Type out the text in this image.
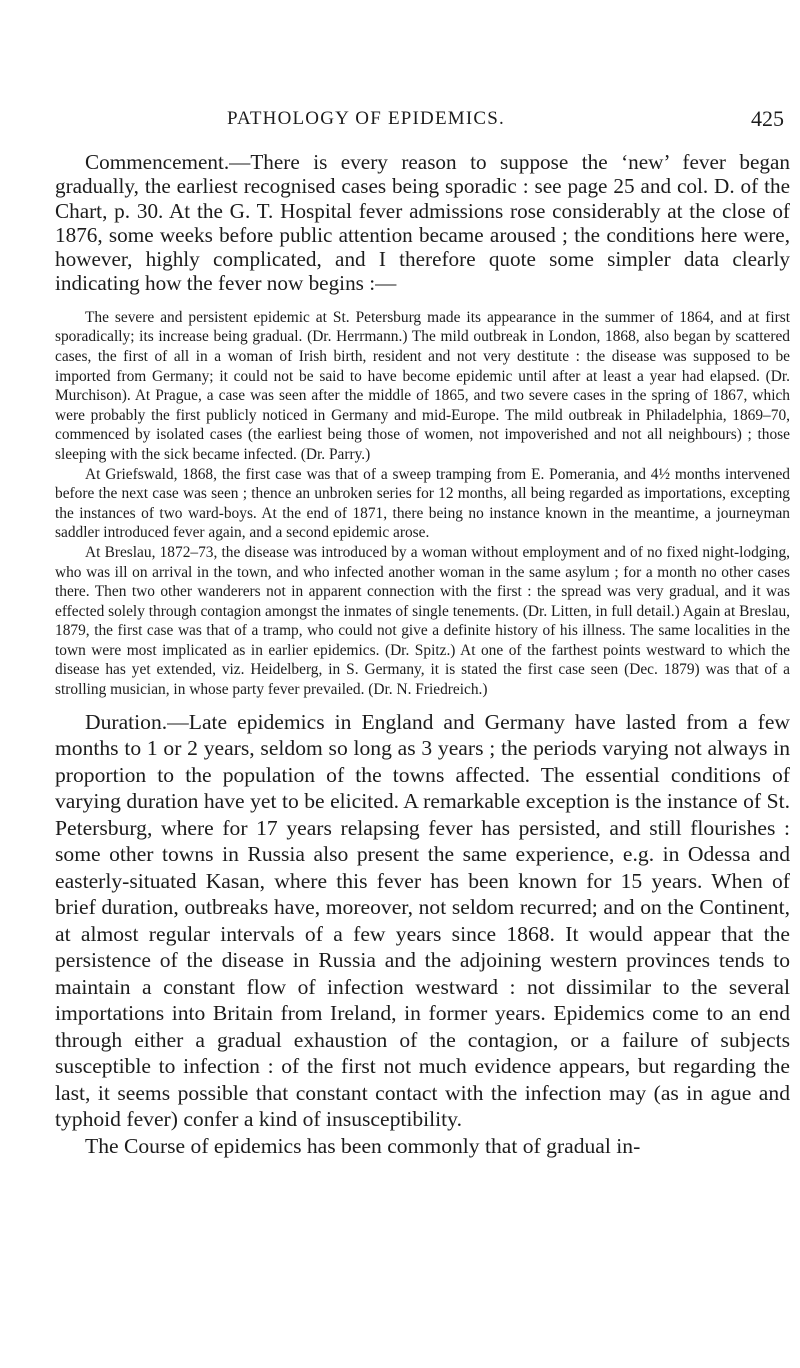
PATHOLOGY OF EPIDEMICS.	425

Commencement.—There is every reason to suppose the ‘new’ fever began gradually, the earliest recognised cases being sporadic : see page 25 and col. D. of the Chart, p. 30. At the G. T. Hospital fever admissions rose considerably at the close of 1876, some weeks before public attention became aroused ; the conditions here were, however, highly complicated, and I therefore quote some simpler data clearly indicating how the fever now begins :—

The severe and persistent epidemic at St. Petersburg made its appearance in the summer of 1864, and at first sporadically; its increase being gradual. (Dr. Herrmann.) The mild outbreak in London, 1868, also began by scattered cases, the first of all in a woman of Irish birth, resident and not very destitute : the disease was supposed to be imported from Germany; it could not be said to have become epidemic until after at least a year had elapsed. (Dr. Murchison). At Prague, a case was seen after the middle of 1865, and two severe cases in the spring of 1867, which were probably the first publicly noticed in Germany and mid-Europe. The mild outbreak in Philadelphia, 1869–70, commenced by isolated cases (the earliest being those of women, not impoverished and not all neighbours) ; those sleeping with the sick became infected. (Dr. Parry.)

At Griefswald, 1868, the first case was that of a sweep tramping from E. Pomerania, and 4½ months intervened before the next case was seen ; thence an unbroken series for 12 months, all being regarded as importations, excepting the instances of two ward-boys. At the end of 1871, there being no instance known in the meantime, a journeyman saddler introduced fever again, and a second epidemic arose.

At Breslau, 1872–73, the disease was introduced by a woman without employment and of no fixed night-lodging, who was ill on arrival in the town, and who infected another woman in the same asylum ; for a month no other cases there. Then two other wanderers not in apparent connection with the first : the spread was very gradual, and it was effected solely through contagion amongst the inmates of single tenements. (Dr. Litten, in full detail.) Again at Breslau, 1879, the first case was that of a tramp, who could not give a definite history of his illness. The same localities in the town were most implicated as in earlier epidemics. (Dr. Spitz.) At one of the farthest points westward to which the disease has yet extended, viz. Heidelberg, in S. Germany, it is stated the first case seen (Dec. 1879) was that of a strolling musician, in whose party fever prevailed. (Dr. N. Friedreich.)

Duration.—Late epidemics in England and Germany have lasted from a few months to 1 or 2 years, seldom so long as 3 years ; the periods varying not always in proportion to the population of the towns affected. The essential conditions of varying duration have yet to be elicited. A remarkable exception is the instance of St. Petersburg, where for 17 years relapsing fever has persisted, and still flourishes : some other towns in Russia also present the same experience, e.g. in Odessa and easterly-situated Kasan, where this fever has been known for 15 years. When of brief duration, outbreaks have, moreover, not seldom recurred; and on the Continent, at almost regular intervals of a few years since 1868. It would appear that the persistence of the disease in Russia and the adjoining western provinces tends to maintain a constant flow of infection westward : not dissimilar to the several importations into Britain from Ireland, in former years. Epidemics come to an end through either a gradual exhaustion of the contagion, or a failure of subjects susceptible to infection : of the first not much evidence appears, but regarding the last, it seems possible that constant contact with the infection may (as in ague and typhoid fever) confer a kind of insusceptibility.

The Course of epidemics has been commonly that of gradual in-
